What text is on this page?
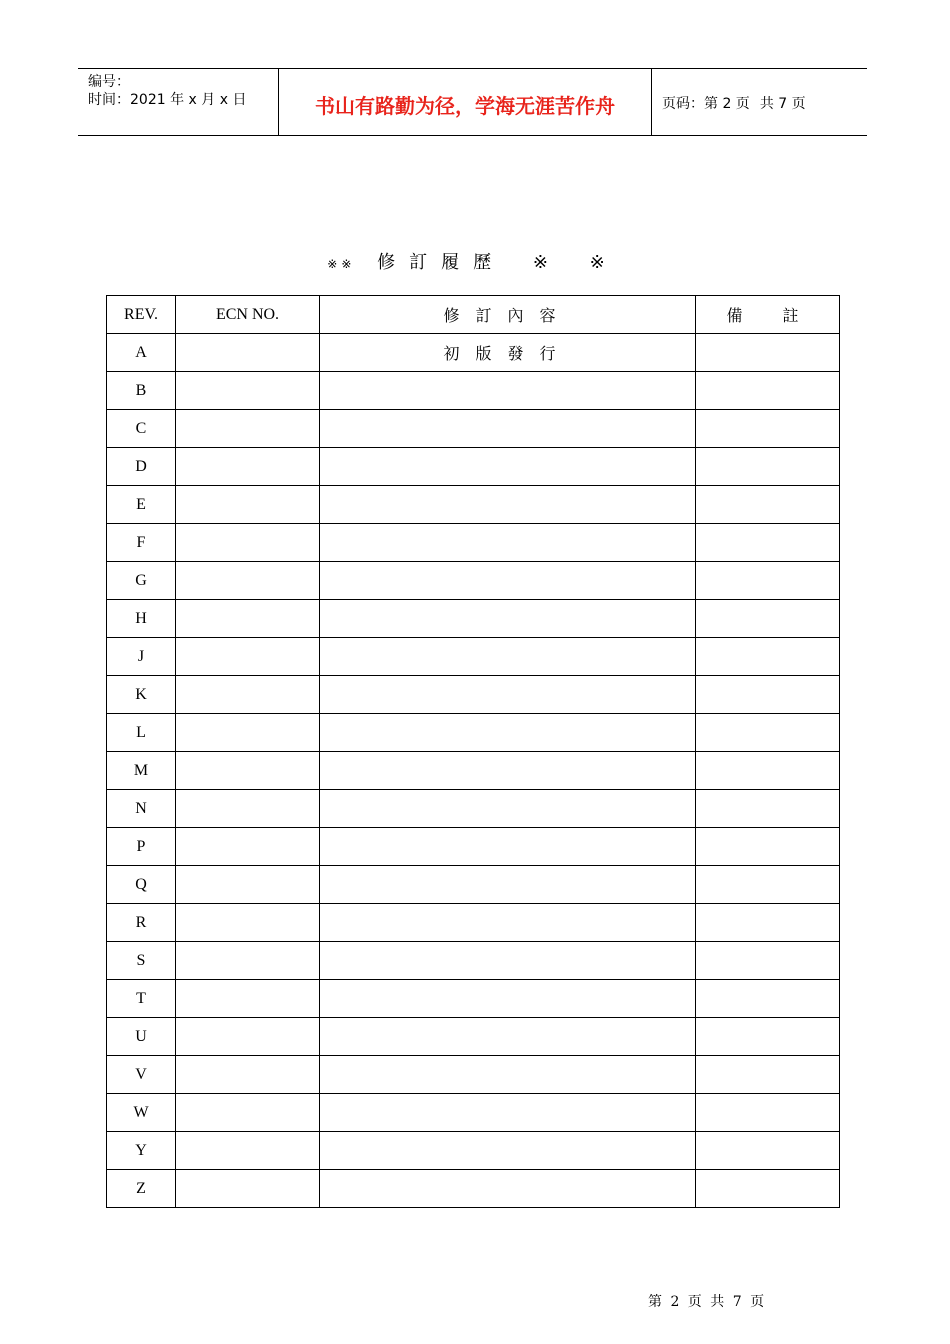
编号：
时间：2021 年 x 月 x 日	书山有路勤为径，学海无涯苦作舟	页码：第 2 页 共 7 页
※※ 修訂履歷 ※ ※
REV.	ECN NO.	修訂內容	備註
A		初版發行	
B			
C			
D			
E			
F			
G			
H			
J			
K			
L			
M			
N			
P			
Q			
R			
S			
T			
U			
V			
W			
Y			
Z			
第 2 页 共 7 页
